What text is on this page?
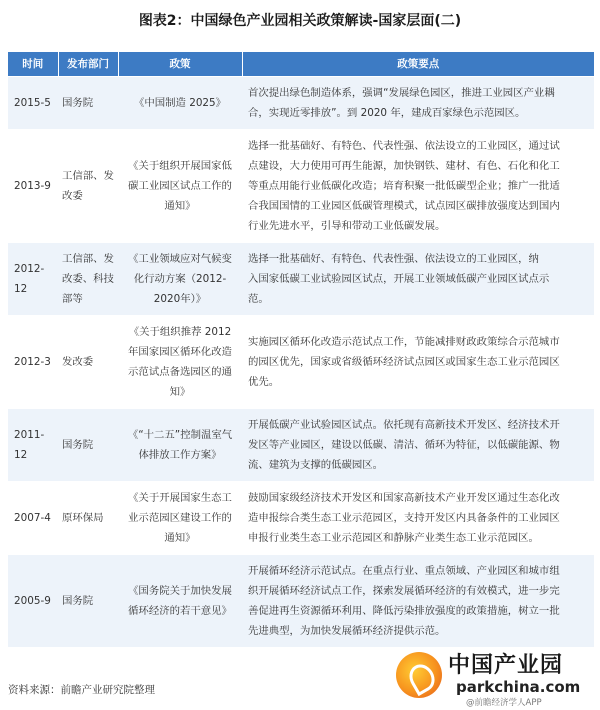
图表2：中国绿色产业园相关政策解读-国家层面(二)
时间	发布部门	政策	政策要点
2015-5	国务院	《中国制造 2025》	首次提出绿色制造体系，强调“发展绿色园区，推进工业园区产业耦
合，实现近零排放”。到 2020 年，建成百家绿色示范园区。

2013-9	工信部、发改委	《关于组织开展国家低碳工业园区试点工作的通知》	选择一批基础好、有特色、代表性强、依法设立的工业园区，通过试
点建设，大力使用可再生能源，加快钢铁、建材、有色、石化和化工
等重点用能行业低碳化改造；培育积聚一批低碳型企业；推广一批适
合我国国情的工业园区低碳管理模式，试点园区碳排放强度达到国内
行业先进水平，引导和带动工业低碳发展。

2012-12	工信部、发改委、科技部等	《工业领域应对气候变化行动方案（2012-2020年）》	选择一批基础好、有特色、代表性强、依法设立的工业园区，纳
入国家低碳工业试验园区试点，开展工业领域低碳产业园区试点示
范。

2012-3	发改委	《关于组织推荐 2012 年国家园区循环化改造示范试点备选园区的通知》	实施园区循环化改造示范试点工作，节能减排财政政策综合示范城市
的园区优先，国家或省级循环经济试点园区或国家生态工业示范园区
优先。

2011-12	国务院	《“十二五”控制温室气体排放工作方案》	开展低碳产业试验园区试点。依托现有高新技术开发区、经济技术开
发区等产业园区，建设以低碳、清洁、循环为特征，以低碳能源、物
流、建筑为支撑的低碳园区。

2007-4	原环保局	《关于开展国家生态工业示范园区建设工作的通知》	鼓励国家级经济技术开发区和国家高新技术产业开发区通过生态化改
造申报综合类生态工业示范园区，支持开发区内具备条件的工业园区
申报行业类生态工业示范园区和静脉产业类生态工业示范园区。

2005-9	国务院	《国务院关于加快发展循环经济的若干意见》	开展循环经济示范试点。在重点行业、重点领域、产业园区和城市组
织开展循环经济试点工作，探索发展循环经济的有效模式，进一步完
善促进再生资源循环利用、降低污染排放强度的政策措施，树立一批
先进典型，为加快发展循环经济提供示范。
资料来源：前瞻产业研究院整理
中国产业园
parkchina.com
@前瞻经济学人APP
